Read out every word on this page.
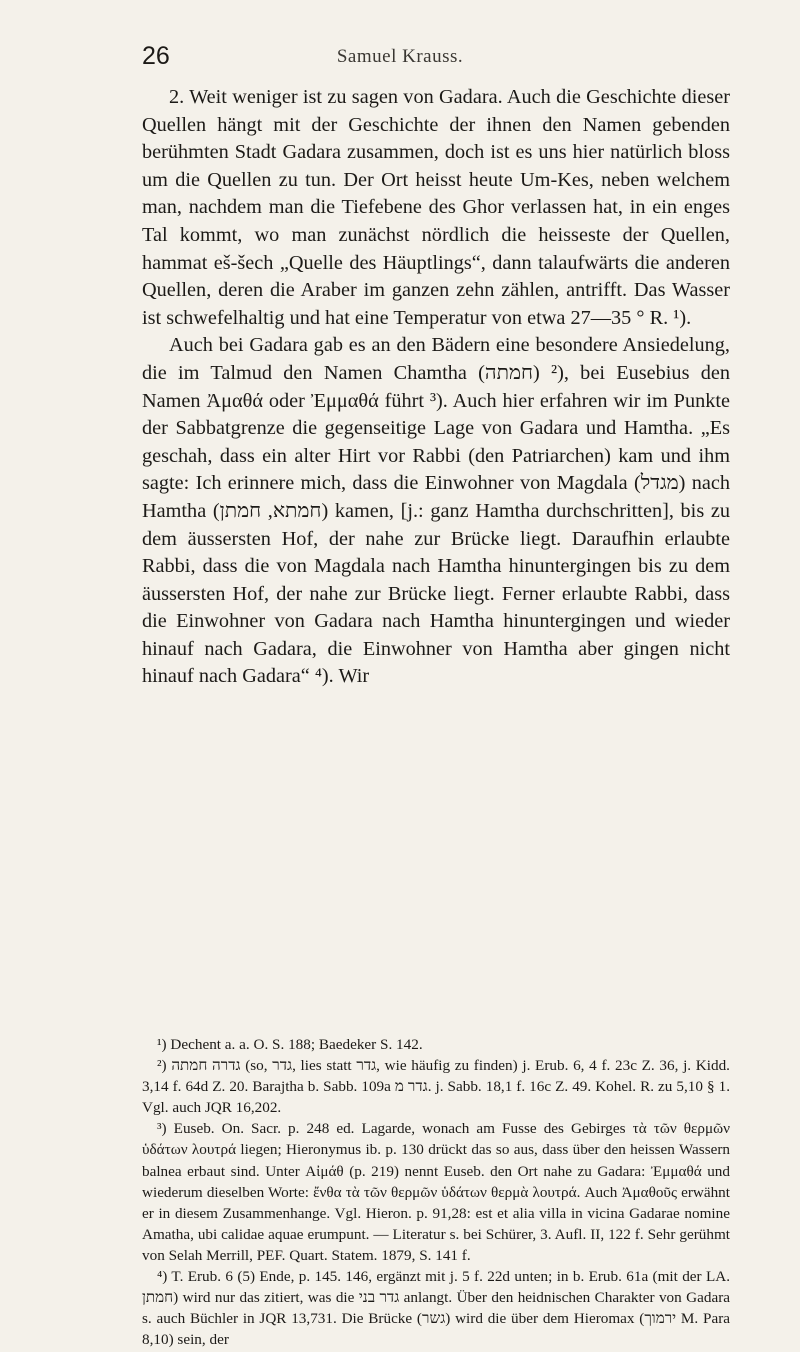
26	Samuel Krauss.

2. Weit weniger ist zu sagen von Gadara. Auch die Geschichte dieser Quellen hängt mit der Geschichte der ihnen den Namen gebenden berühmten Stadt Gadara zusammen, doch ist es uns hier natürlich bloss um die Quellen zu tun. Der Ort heisst heute Um-Kes, neben welchem man, nachdem man die Tiefebene des Ghor verlassen hat, in ein enges Tal kommt, wo man zunächst nördlich die heisseste der Quellen, hammat eš-šech „Quelle des Häuptlings“, dann talaufwärts die anderen Quellen, deren die Araber im ganzen zehn zählen, antrifft. Das Wasser ist schwefelhaltig und hat eine Temperatur von etwa 27—35 ° R. ¹).

Auch bei Gadara gab es an den Bädern eine besondere Ansiedelung, die im Talmud den Namen Chamtha (חמתה) ²), bei Eusebius den Namen Ἀμαθά oder Ἐμμαθά führt ³). Auch hier erfahren wir im Punkte der Sabbatgrenze die gegenseitige Lage von Gadara und Hamtha. „Es geschah, dass ein alter Hirt vor Rabbi (den Patriarchen) kam und ihm sagte: Ich erinnere mich, dass die Einwohner von Magdala (מגדל) nach Hamtha (חמתא, חמתן) kamen, [j.: ganz Hamtha durchschritten], bis zu dem äussersten Hof, der nahe zur Brücke liegt. Daraufhin erlaubte Rabbi, dass die von Magdala nach Hamtha hinuntergingen bis zu dem äussersten Hof, der nahe zur Brücke liegt. Ferner erlaubte Rabbi, dass die Einwohner von Gadara nach Hamtha hinuntergingen und wieder hinauf nach Gadara, die Einwohner von Hamtha aber gingen nicht hinauf nach Gadara“ ⁴). Wir

¹) Dechent a. a. O. S. 188; Baedeker S. 142.

²) גדרה חמתה (so, גדר, lies statt גדר, wie häufig zu finden) j. Erub. 6, 4 f. 23c Z. 36, j. Kidd. 3,14 f. 64d Z. 20. Barajtha b. Sabb. 109a גדר מ. j. Sabb. 18,1 f. 16c Z. 49. Kohel. R. zu 5,10 § 1. Vgl. auch JQR 16,202.

³) Euseb. On. Sacr. p. 248 ed. Lagarde, wonach am Fusse des Gebirges τὰ τῶν θερμῶν ὑδάτων λουτρά liegen; Hieronymus ib. p. 130 drückt das so aus, dass über den heissen Wassern balnea erbaut sind. Unter Αἰμάθ (p. 219) nennt Euseb. den Ort nahe zu Gadara: Ἐμμαθά und wiederum dieselben Worte: ἔνθα τὰ τῶν θερμῶν ὑδάτων θερμὰ λουτρά. Auch Ἀμαθοῦς erwähnt er in diesem Zusammenhange. Vgl. Hieron. p. 91,28: est et alia villa in vicina Gadarae nomine Amatha, ubi calidae aquae erumpunt. — Literatur s. bei Schürer, 3. Aufl. II, 122 f. Sehr gerühmt von Selah Merrill, PEF. Quart. Statem. 1879, S. 141 f.

⁴) T. Erub. 6 (5) Ende, p. 145. 146, ergänzt mit j. 5 f. 22d unten; in b. Erub. 61a (mit der LA. חמתן) wird nur das zitiert, was die גדר בני anlangt. Über den heidnischen Charakter von Gadara s. auch Büchler in JQR 13,731. Die Brücke (גשר) wird die über dem Hieromax (ירמוך M. Para 8,10) sein, der
